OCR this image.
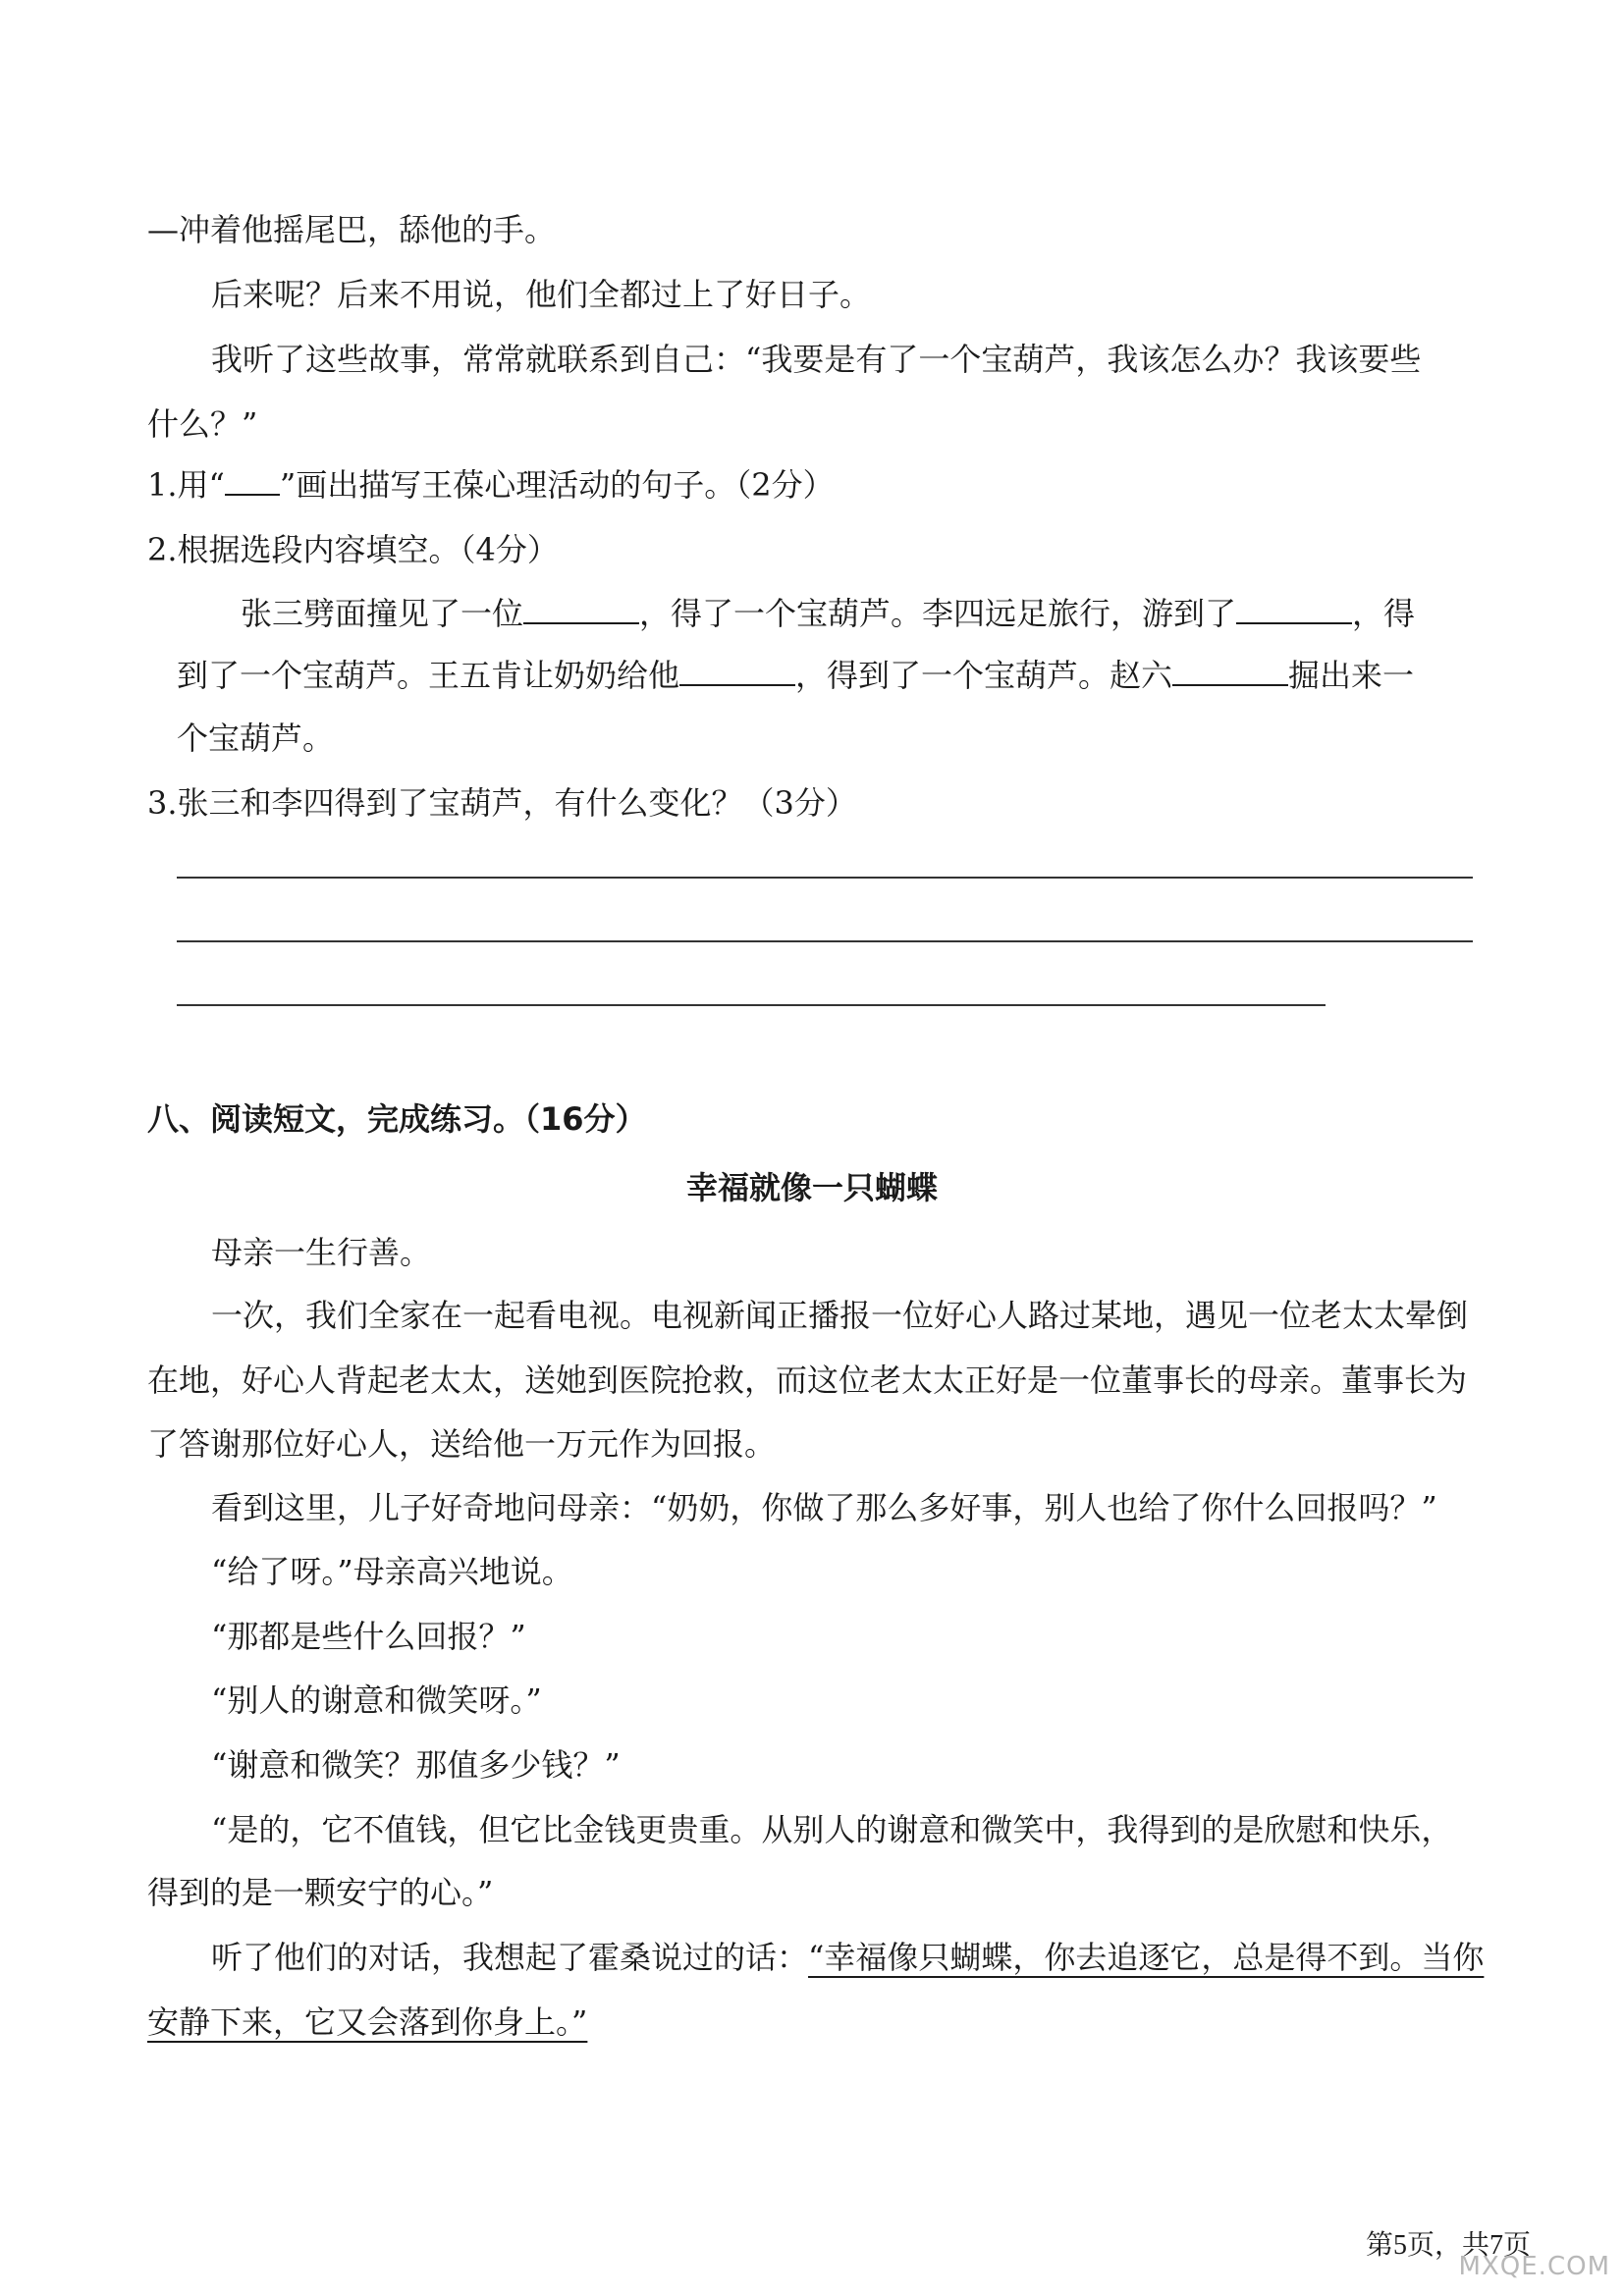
—冲着他摇尾巴，舔他的手。
后来呢？后来不用说，他们全都过上了好日子。
我听了这些故事，常常就联系到自己：“我要是有了一个宝葫芦，我该怎么办？我该要些
什么？”
1.用“ ”画出描写王葆心理活动的句子。（2分）
2.根据选段内容填空。（4分）
张三劈面撞见了一位	，得了一个宝葫芦。李四远足旅行，游到了	，得
到了一个宝葫芦。王五肯让奶奶给他	，得到了一个宝葫芦。赵六	掘出来一
个宝葫芦。
3.张三和李四得到了宝葫芦，有什么变化？（3分）
八、阅读短文，完成练习。（16分）
幸福就像一只蝴蝶
母亲一生行善。
一次，我们全家在一起看电视。电视新闻正播报一位好心人路过某地，遇见一位老太太晕倒
在地，好心人背起老太太，送她到医院抢救，而这位老太太正好是一位董事长的母亲。董事长为
了答谢那位好心人，送给他一万元作为回报。
看到这里，儿子好奇地问母亲：“奶奶，你做了那么多好事，别人也给了你什么回报吗？”
“给了呀。”母亲高兴地说。
“那都是些什么回报？”
“别人的谢意和微笑呀。”
“谢意和微笑？那值多少钱？”
“是的，它不值钱，但它比金钱更贵重。从别人的谢意和微笑中，我得到的是欣慰和快乐，
得到的是一颗安宁的心。”
听了他们的对话，我想起了霍桑说过的话：“幸福像只蝴蝶，你去追逐它，总是得不到。当你
安静下来，它又会落到你身上。”
第5页，共7页
MXQE.COM
